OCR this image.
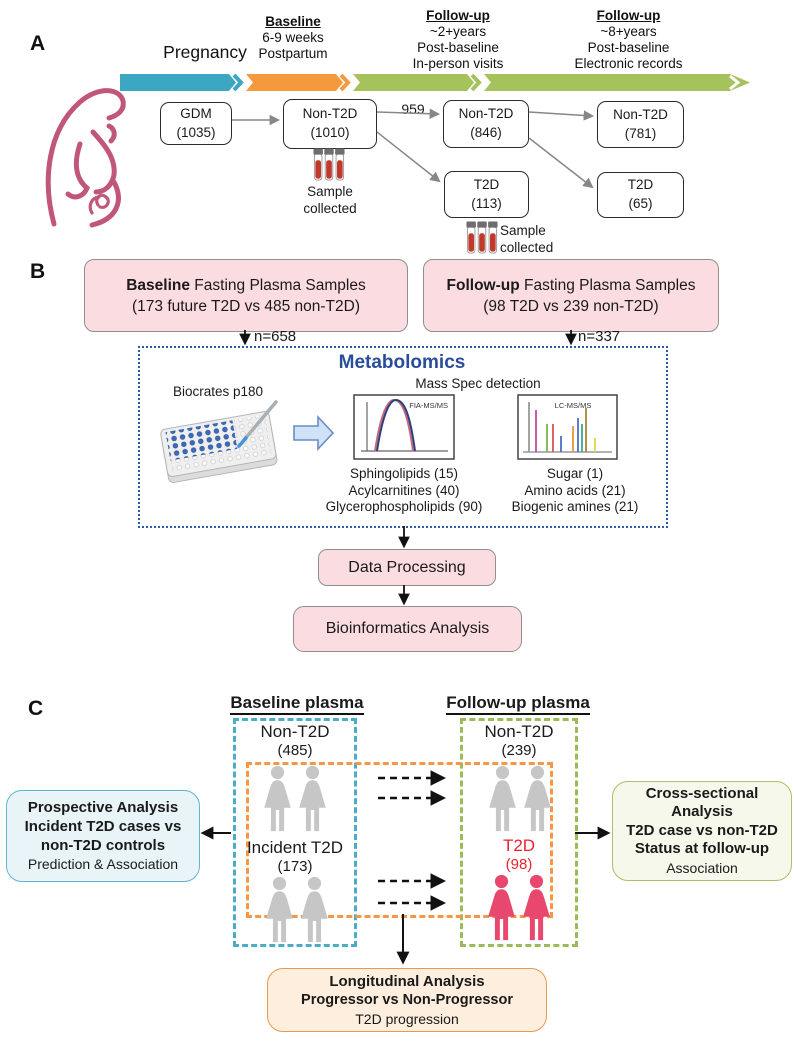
A	Pregnancy
Baseline
6-9 weeks
Postpartum
Follow-up
~2+years
Post-baseline
In-person visits
Follow-up
~8+years
Post-baseline
Electronic records
GDM
(1035)
Non-T2D
(1010)
959	Non-T2D
(846)
Non-T2D
(781)
T2D
(113)
T2D
(65)
Sample
collected
Sample
collected
B
Baseline Fasting Plasma Samples
(173 future T2D vs 485 non-T2D)
Follow-up Fasting Plasma Samples
(98 T2D vs 239 non-T2D)
n=658	n=337
Metabolomics
Mass Spec detection
Biocrates p180
FIA-MS/MS	LC-MS/MS
Sphingolipids (15)
Acylcarnitines (40)
Glycerophospholipids (90)
Sugar (1)
Amino acids (21)
Biogenic amines (21)
Data Processing
Bioinformatics Analysis
C	Baseline plasma	Follow-up plasma
Non-T2D
(485)
Non-T2D
(239)
Incident T2D
(173)
T2D
(98)
Prospective Analysis
Incident T2D cases vs
non-T2D controls
Prediction & Association
Cross-sectional
Analysis
T2D case vs non-T2D
Status at follow-up
Association
Longitudinal Analysis
Progressor vs Non-Progressor
T2D progression
